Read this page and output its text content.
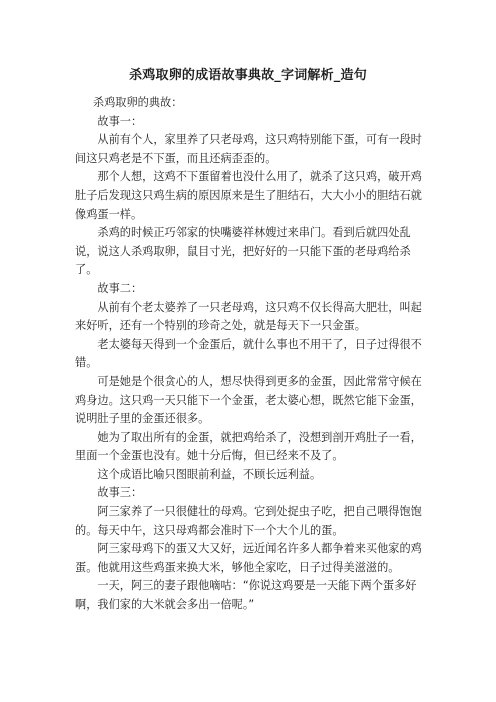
杀鸡取卵的成语故事典故_字词解析_造句

杀鸡取卵的典故：

故事一：

从前有个人，家里养了只老母鸡，这只鸡特别能下蛋，可有一段时间这只鸡老是不下蛋，而且还病歪歪的。

那个人想，这鸡不下蛋留着也没什么用了，就杀了这只鸡，破开鸡肚子后发现这只鸡生病的原因原来是生了胆结石，大大小小的胆结石就像鸡蛋一样。

杀鸡的时候正巧邻家的快嘴婆祥林嫂过来串门。看到后就四处乱说，说这人杀鸡取卵，鼠目寸光，把好好的一只能下蛋的老母鸡给杀了。

故事二：

从前有个老太婆养了一只老母鸡，这只鸡不仅长得高大肥壮，叫起来好听，还有一个特别的珍奇之处，就是每天下一只金蛋。

老太婆每天得到一个金蛋后，就什么事也不用干了，日子过得很不错。

可是她是个很贪心的人，想尽快得到更多的金蛋，因此常常守候在鸡身边。这只鸡一天只能下一个金蛋，老太婆心想，既然它能下金蛋，说明肚子里的金蛋还很多。

她为了取出所有的金蛋，就把鸡给杀了，没想到剖开鸡肚子一看，里面一个金蛋也没有。她十分后悔，但已经来不及了。

这个成语比喻只图眼前利益，不顾长远利益。

故事三：

阿三家养了一只很健壮的母鸡。它到处捉虫子吃，把自己喂得饱饱的。每天中午，这只母鸡都会准时下一个大个儿的蛋。

阿三家母鸡下的蛋又大又好，远近闻名许多人都争着来买他家的鸡蛋。他就用这些鸡蛋来换大米，够他全家吃，日子过得美滋滋的。

一天，阿三的妻子跟他嘀咕：“你说这鸡要是一天能下两个蛋多好啊，我们家的大米就会多出一倍呢。”
